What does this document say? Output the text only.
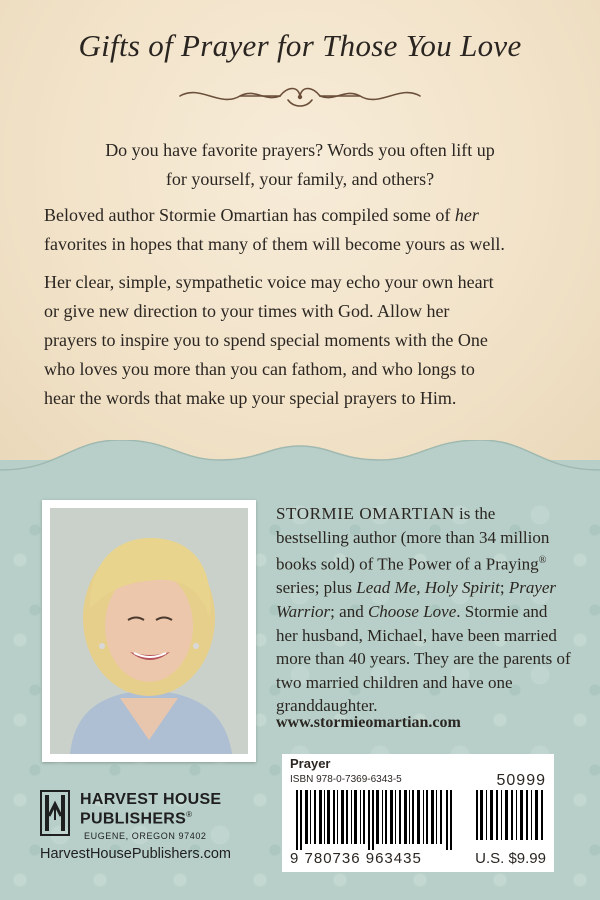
Gifts of Prayer for Those You Love
Do you have favorite prayers? Words you often lift up
for yourself, your family, and others?
Beloved author Stormie Omartian has compiled some of her
favorites in hopes that many of them will become yours as well.
Her clear, simple, sympathetic voice may echo your own heart
or give new direction to your times with God. Allow her
prayers to inspire you to spend special moments with the One
who loves you more than you can fathom, and who longs to
hear the words that make up your special prayers to Him.
STORMIE OMARTIAN is the bestselling author (more than 34 million books sold) of The Power of a Praying® series; plus Lead Me, Holy Spirit; Prayer Warrior; and Choose Love. Stormie and her husband, Michael, have been married more than 40 years. They are the parents of two married children and have one granddaughter.
www.stormieomartian.com
Prayer
ISBN 978-0-7369-6343-5	50999
9 780736 963435	U.S. $9.99
HARVEST HOUSE
PUBLISHERS®
EUGENE, OREGON 97402
HarvestHousePublishers.com
